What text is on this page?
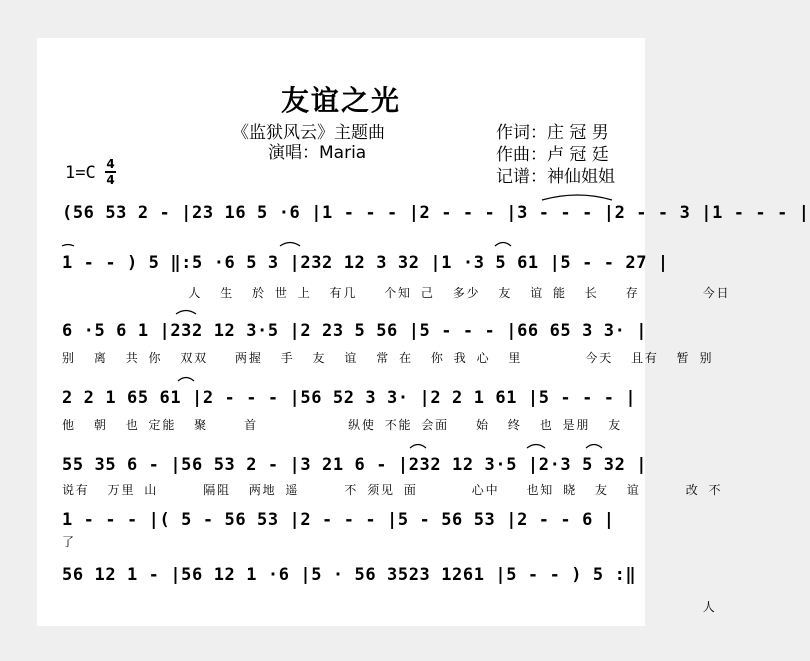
友谊之光
《监狱风云》主题曲
演唱：Maria
作词：庄 冠 男
作曲：卢 冠 廷
记谱：神仙姐姐
1=C 4
4
(56 53 2 - |23 16 5 ·6 |1 - - - |2 - - - |3 - - - |2 - - 3 |1 - - - |
1 - - ) 5 ‖:5 ·6 5 3 |232 12 3 32 |1 ·3 5 61 |5 - - 27 |
人  生  於 世 上  有几   个知 己  多少  友  谊 能  长   存       今日
6 ·5 6 1 |232 12 3·5 |2 23 5 56 |5 - - - |66 65 3 3· |
别  离  共 你  双双   两握  手  友  谊  常 在  你 我 心  里       今天  且有  暂 别
2 2 1 65 61 |2 - - - |56 52 3 3· |2 2 1 61 |5 - - - |
他  朝  也 定能  聚    首          纵使 不能 会面   始  终  也 是朋  友
55 35 6 - |56 53 2 - |3 21 6 - |232 12 3·5 |2·3 5 32 |
说有  万里 山     隔阻  两地 遥     不 须见 面      心中   也知 晓  友  谊     改 不
1 - - - |( 5 - 56 53 |2 - - - |5 - 56 53 |2 - - 6 |
了
56 12 1 - |56 12 1 ·6 |5 · 56 3523 1261 |5 - - ) 5 :‖
人
